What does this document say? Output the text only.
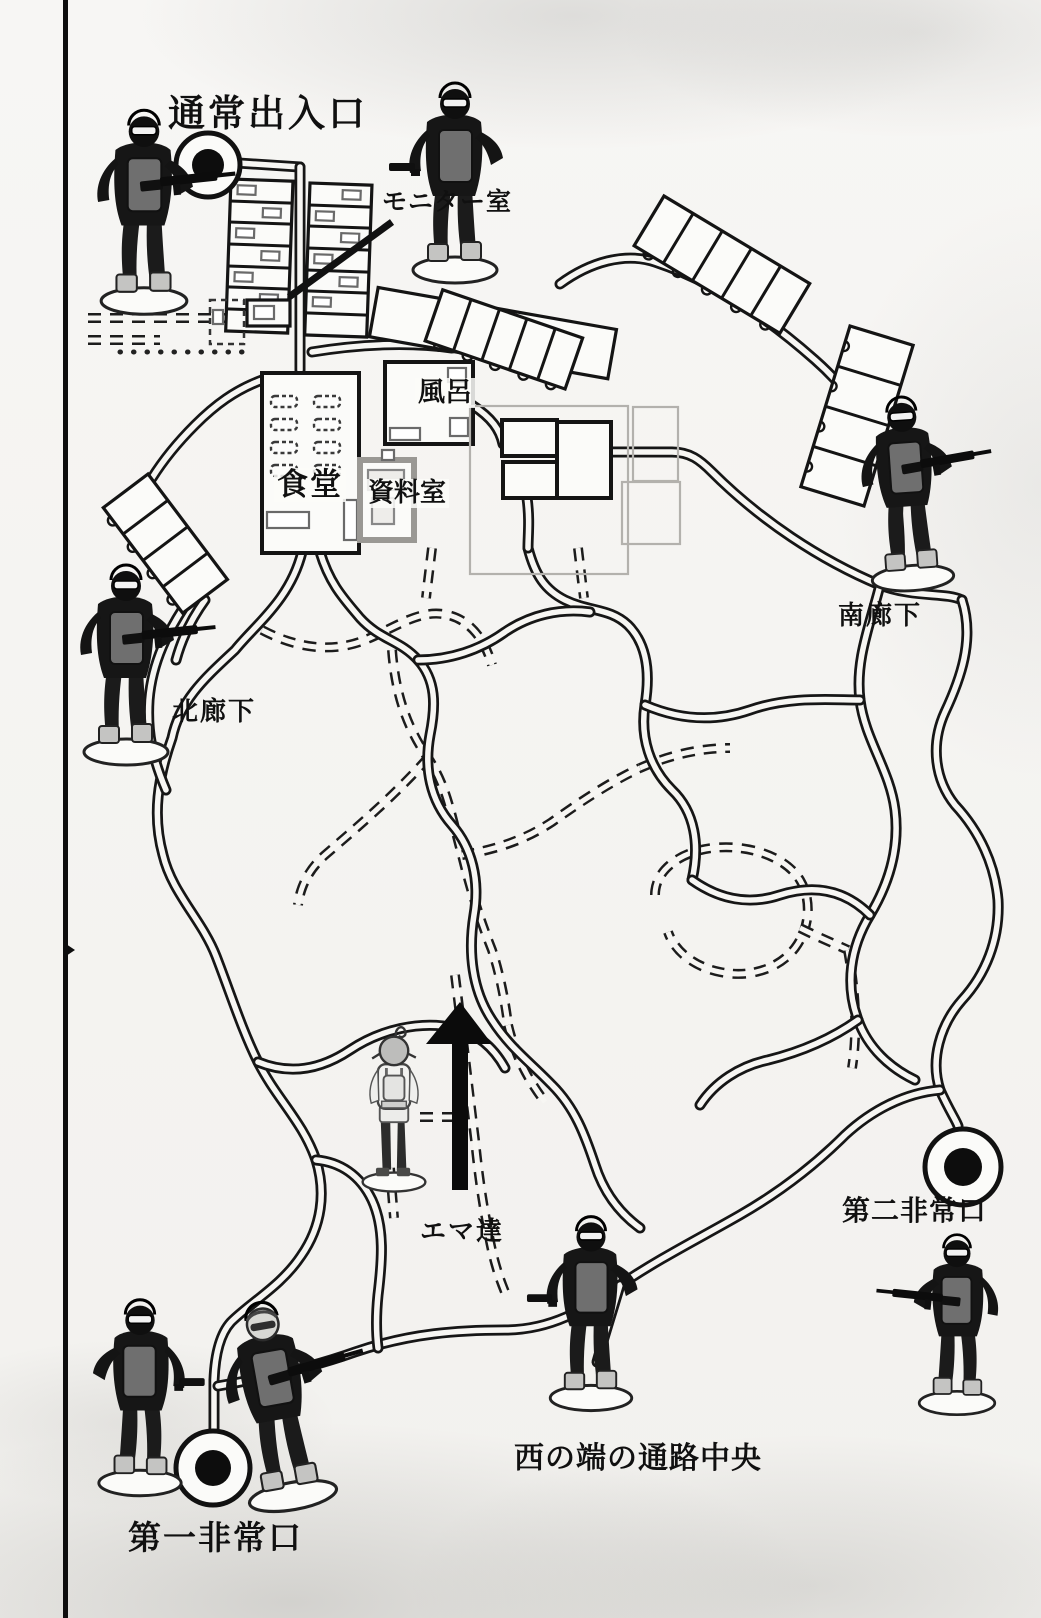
通常出入口
モニター室
風呂
食堂 資料室
南廊下
北廊下
エマ達
第二非常口
第一非常口
西の端の通路中央
